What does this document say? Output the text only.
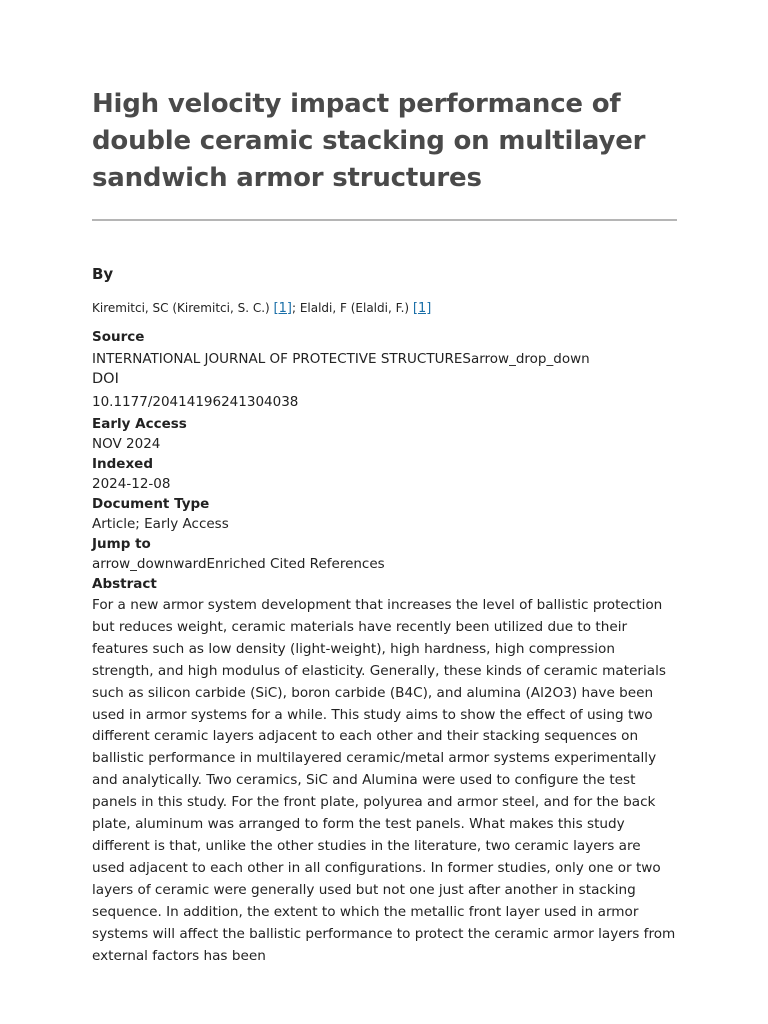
High velocity impact performance of double ceramic stacking on multilayer sandwich armor structures
By
Kiremitci, SC (Kiremitci, S. C.) [1]; Elaldi, F (Elaldi, F.) [1]
Source
INTERNATIONAL JOURNAL OF PROTECTIVE STRUCTURESarrow_drop_down
DOI
10.1177/20414196241304038
Early Access
NOV 2024
Indexed
2024-12-08
Document Type
Article; Early Access
Jump to
arrow_downwardEnriched Cited References
Abstract

For a new armor system development that increases the level of ballistic protection but reduces weight, ceramic materials have recently been utilized due to their features such as low density (light-weight), high hardness, high compression strength, and high modulus of elasticity. Generally, these kinds of ceramic materials such as silicon carbide (SiC), boron carbide (B4C), and alumina (Al2O3) have been used in armor systems for a while. This study aims to show the effect of using two different ceramic layers adjacent to each other and their stacking sequences on ballistic performance in multilayered ceramic/metal armor systems experimentally and analytically. Two ceramics, SiC and Alumina were used to configure the test panels in this study. For the front plate, polyurea and armor steel, and for the back plate, aluminum was arranged to form the test panels. What makes this study different is that, unlike the other studies in the literature, two ceramic layers are used adjacent to each other in all configurations. In former studies, only one or two layers of ceramic were generally used but not one just after another in stacking sequence. In addition, the extent to which the metallic front layer used in armor systems will affect the ballistic performance to protect the ceramic armor layers from external factors has been
